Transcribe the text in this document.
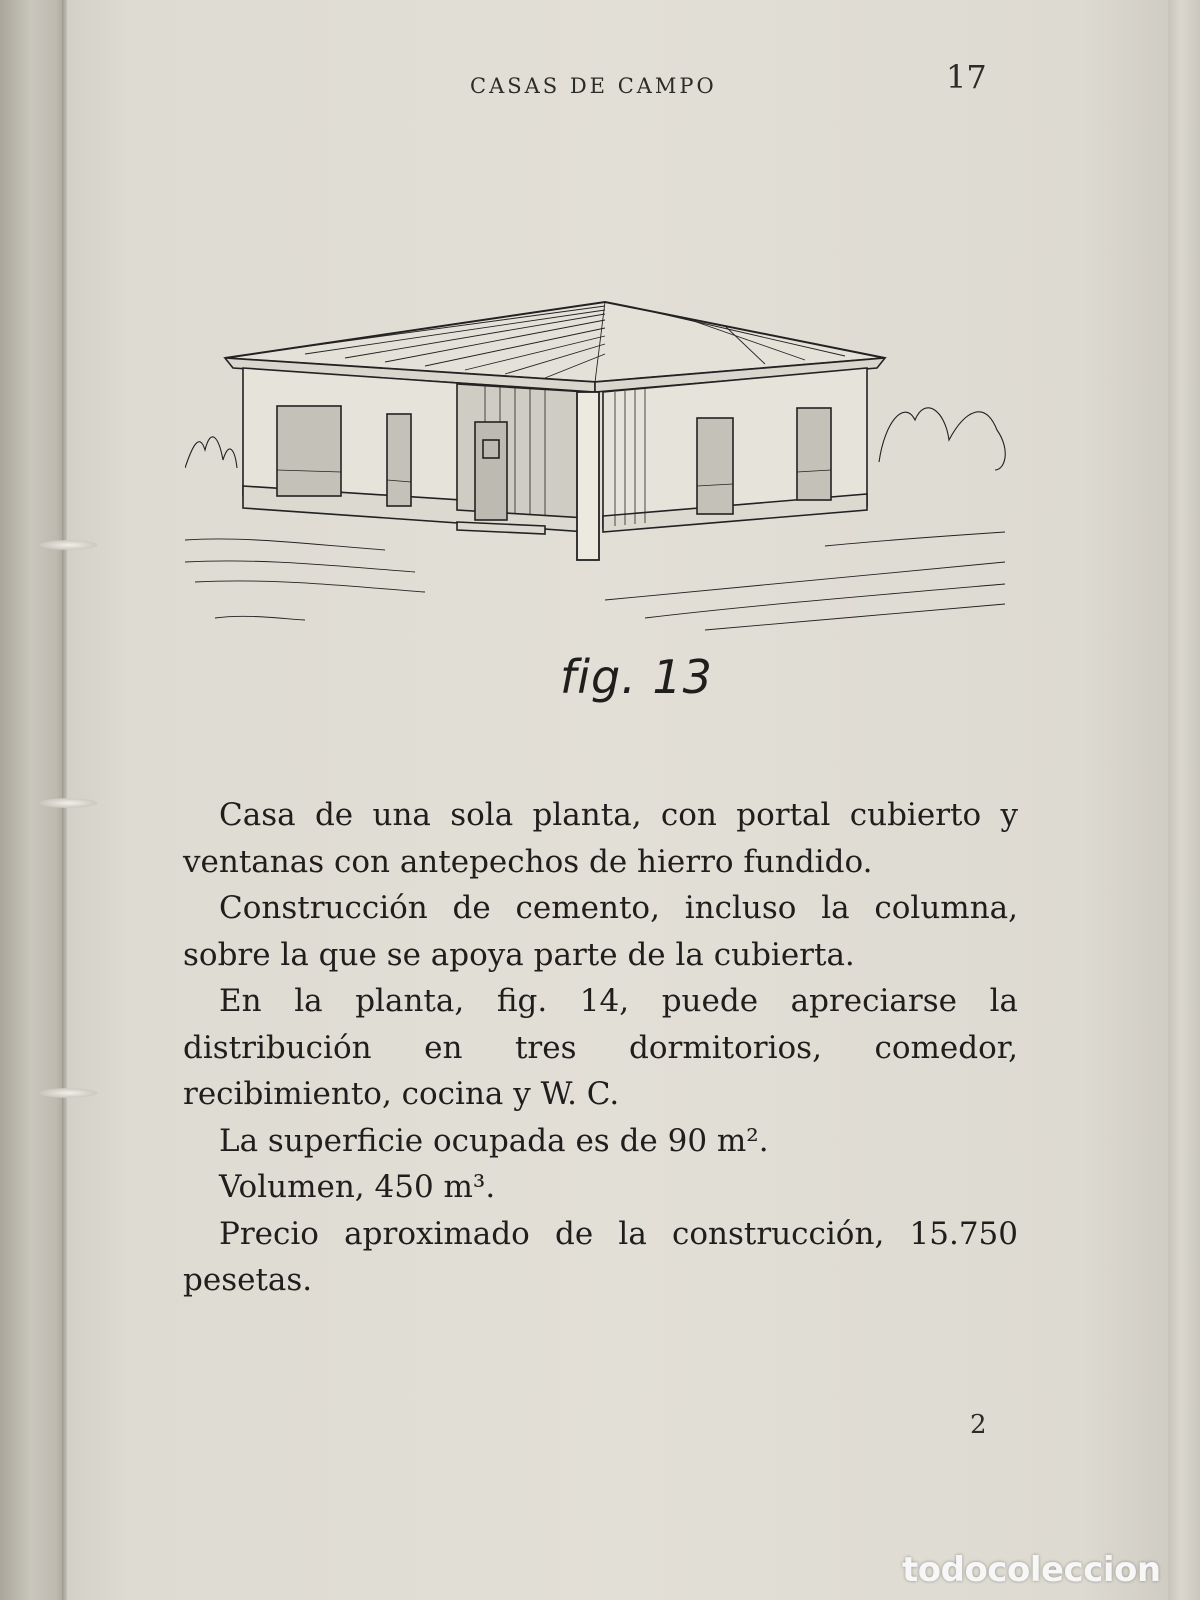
CASAS DE CAMPO	17
fig. 13

Casa de una sola planta, con portal cubierto y ventanas con antepechos de hierro fundido.

Construcción de cemento, incluso la columna, sobre la que se apoya parte de la cubierta.

En la planta, fig. 14, puede apreciarse la distribución en tres dormitorios, comedor, recibimiento, cocina y W. C.

La superficie ocupada es de 90 m².

Volumen, 450 m³.

Precio aproximado de la construcción, 15.750 pesetas.

2
todocoleccion
